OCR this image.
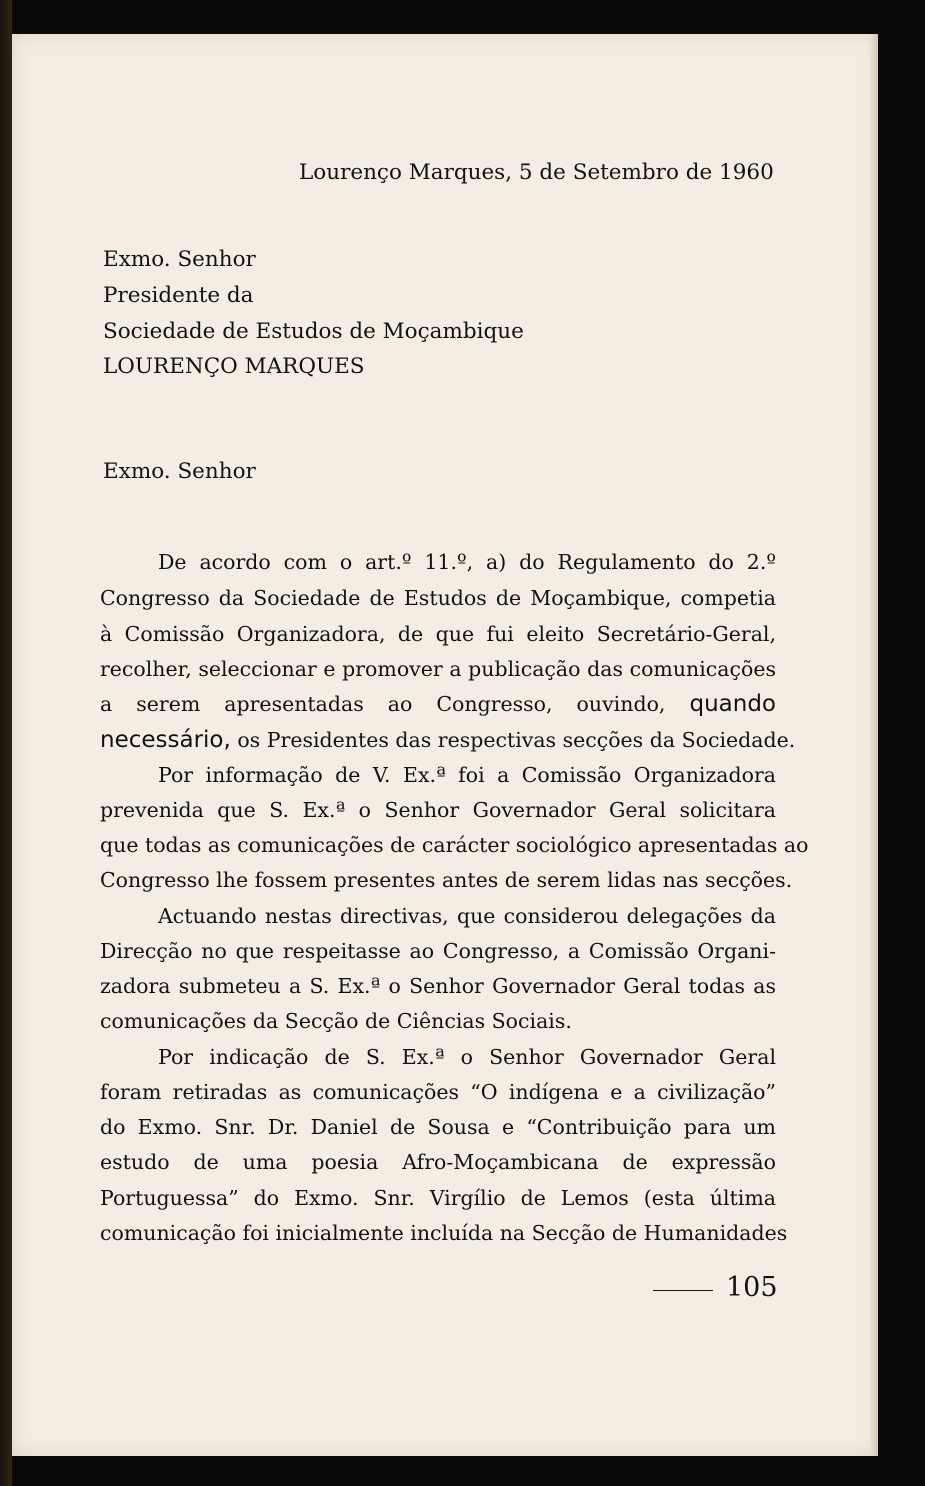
Lourenço Marques, 5 de Setembro de 1960
Exmo. Senhor
Presidente da
Sociedade de Estudos de Moçambique
LOURENÇO MARQUES
Exmo. Senhor
De acordo com o art.º 11.º, a) do Regulamento do 2.º
Congresso da Sociedade de Estudos de Moçambique, competia
à Comissão Organizadora, de que fui eleito Secretário-Geral,
recolher, seleccionar e promover a publicação das comunicações
a serem apresentadas ao Congresso, ouvindo, quando
necessário, os Presidentes das respectivas secções da Sociedade.
Por informação de V. Ex.ª foi a Comissão Organizadora
prevenida que S. Ex.ª o Senhor Governador Geral solicitara
que todas as comunicações de carácter sociológico apresentadas ao
Congresso lhe fossem presentes antes de serem lidas nas secções.
Actuando nestas directivas, que considerou delegações da
Direcção no que respeitasse ao Congresso, a Comissão Organi-
zadora submeteu a S. Ex.ª o Senhor Governador Geral todas as
comunicações da Secção de Ciências Sociais.
Por indicação de S. Ex.ª o Senhor Governador Geral
foram retiradas as comunicações “O indígena e a civilização”
do Exmo. Snr. Dr. Daniel de Sousa e “Contribuição para um
estudo de uma poesia Afro-Moçambicana de expressão
Portuguessa” do Exmo. Snr. Virgílio de Lemos (esta última
comunicação foi inicialmente incluída na Secção de Humanidades
105
